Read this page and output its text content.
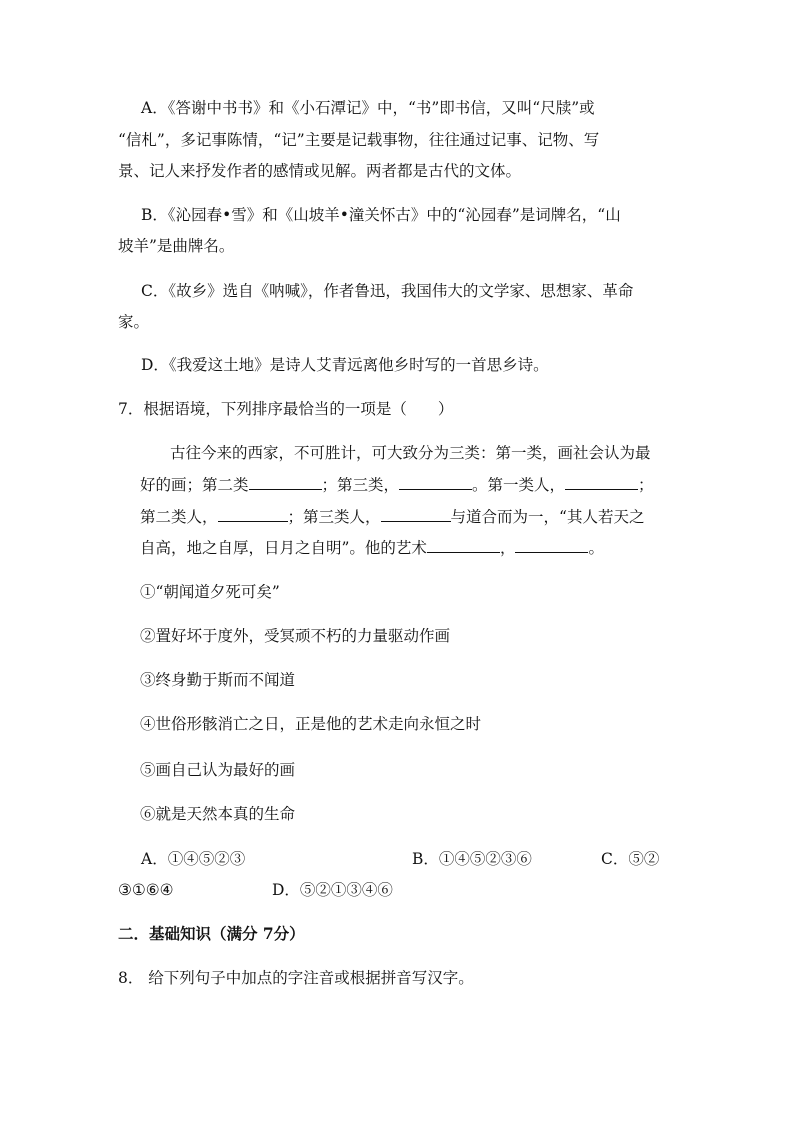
A．《答谢中书书》和《小石潭记》中，“书”即书信，又叫“尺牍”或
“信札”，多记事陈情，“记”主要是记载事物，往往通过记事、记物、写
景、记人来抒发作者的感情或见解。两者都是古代的文体。
B．《沁园春•雪》和《山坡羊•潼关怀古》中的“沁园春”是词牌名，“山
坡羊”是曲牌名。
C．《故乡》选自《呐喊》，作者鲁迅，我国伟大的文学家、思想家、革命
家。
D．《我爱这土地》是诗人艾青远离他乡时写的一首思乡诗。
7．根据语境，下列排序最恰当的一项是（　　）
古往今来的西家，不可胜计，可大致分为三类：第一类，画社会认为最
好的画；第二类	；第三类，	。第一类人，	；
第二类人，	；第三类人，	与道合而为一，“其人若天之
自高，地之自厚，日月之自明”。他的艺术	，	。
①“朝闻道夕死可矣”
②置好坏于度外，受冥顽不朽的力量驱动作画
③终身勤于斯而不闻道
④世俗形骸消亡之日，正是他的艺术走向永恒之时
⑤画自己认为最好的画
⑥就是天然本真的生命
A．①④⑤②③	B．①④⑤②③⑥	C．⑤②
③①⑥④	D．⑤②①③④⑥
二．基础知识（满分 7分）
8． 给下列句子中加点的字注音或根据拼音写汉字。
